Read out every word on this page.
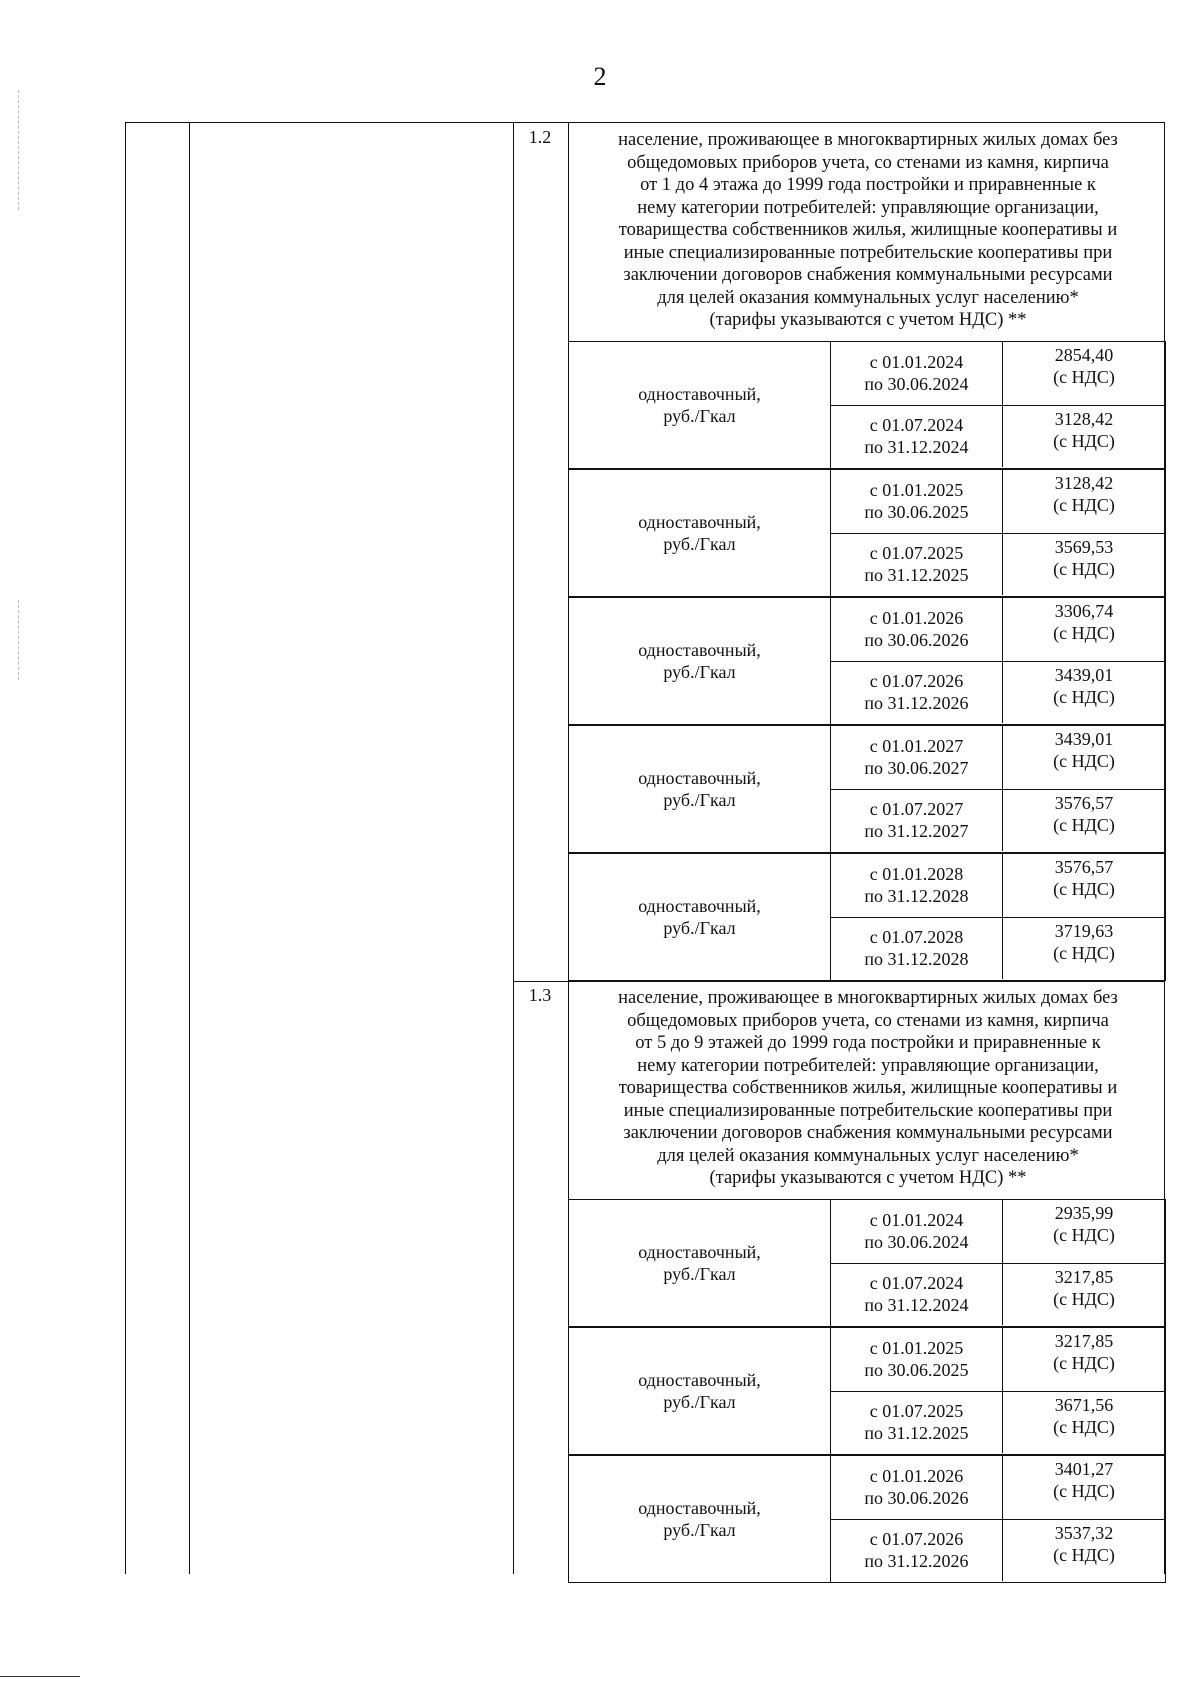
2
1.2	население, проживающее в многоквартирных жилых домах без
общедомовых приборов учета, со стенами из камня, кирпича
от 1 до 4 этажа до 1999 года постройки и приравненные к
нему категории потребителей: управляющие организации,
товарищества собственников жилья, жилищные кооперативы и
иные специализированные потребительские кооперативы при
заключении договоров снабжения коммунальными ресурсами
для целей оказания коммунальных услуг населению*
(тарифы указываются с учетом НДС) **
одноставочный,
руб./Гкал
с 01.01.2024
по 30.06.2024
2854,40
(с НДС)
с 01.07.2024
по 31.12.2024
3128,42
(с НДС)
одноставочный,
руб./Гкал
с 01.01.2025
по 30.06.2025
3128,42
(с НДС)
с 01.07.2025
по 31.12.2025
3569,53
(с НДС)
одноставочный,
руб./Гкал
с 01.01.2026
по 30.06.2026
3306,74
(с НДС)
с 01.07.2026
по 31.12.2026
3439,01
(с НДС)
одноставочный,
руб./Гкал
с 01.01.2027
по 30.06.2027
3439,01
(с НДС)
с 01.07.2027
по 31.12.2027
3576,57
(с НДС)
одноставочный,
руб./Гкал
с 01.01.2028
по 31.12.2028
3576,57
(с НДС)
с 01.07.2028
по 31.12.2028
3719,63
(с НДС)
1.3	население, проживающее в многоквартирных жилых домах без
общедомовых приборов учета, со стенами из камня, кирпича
от 5 до 9 этажей до 1999 года постройки и приравненные к
нему категории потребителей: управляющие организации,
товарищества собственников жилья, жилищные кооперативы и
иные специализированные потребительские кооперативы при
заключении договоров снабжения коммунальными ресурсами
для целей оказания коммунальных услуг населению*
(тарифы указываются с учетом НДС) **
одноставочный,
руб./Гкал
с 01.01.2024
по 30.06.2024
2935,99
(с НДС)
с 01.07.2024
по 31.12.2024
3217,85
(с НДС)
одноставочный,
руб./Гкал
с 01.01.2025
по 30.06.2025
3217,85
(с НДС)
с 01.07.2025
по 31.12.2025
3671,56
(с НДС)
одноставочный,
руб./Гкал
с 01.01.2026
по 30.06.2026
3401,27
(с НДС)
с 01.07.2026
по 31.12.2026
3537,32
(с НДС)
